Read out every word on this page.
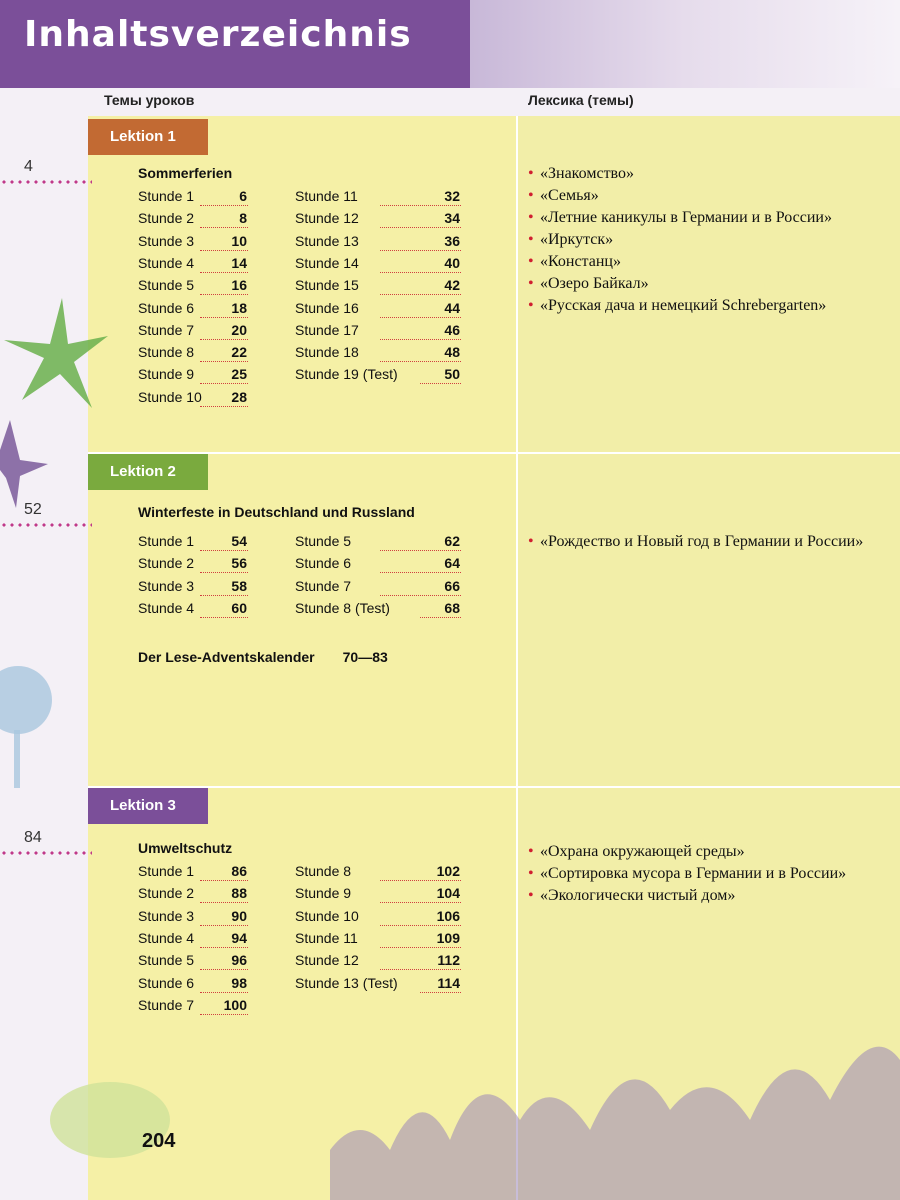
Inhaltsverzeichnis
Темы уроков	Лексика (темы)
Lektion 1
4	Sommerferien
Stunde 1	6
Stunde 2	8
Stunde 3	10
Stunde 4	14
Stunde 5	16
Stunde 6	18
Stunde 7	20
Stunde 8	22
Stunde 9	25
Stunde 10 28
Stunde 11	32
Stunde 12	34
Stunde 13	36
Stunde 14	40
Stunde 15	42
Stunde 16	44
Stunde 17	46
Stunde 18	48
Stunde 19 (Test)	50
• «Знакомство»
• «Семья»
• «Летние каникулы в Германии и в России»
• «Иркутск»
• «Констанц»
• «Озеро Байкал»
• «Русская дача и немецкий Schrebergarten»
Lektion 2
52	Winterfeste in Deutschland und Russland
Stunde 1	54
Stunde 2	56
Stunde 3	58
Stunde 4	60
Stunde 5	62
Stunde 6	64
Stunde 7	66
Stunde 8 (Test)	68
Der Lese-Adventskalender 70—83
• «Рождество и Новый год в Германии и России»
Lektion 3
84
Umweltschutz
Stunde 1	86
Stunde 2	88
Stunde 3	90
Stunde 4	94
Stunde 5	96
Stunde 6	98
Stunde 7 100
Stunde 8	102
Stunde 9	104
Stunde 10	106
Stunde 11	109
Stunde 12	112
Stunde 13 (Test)	114
• «Охрана окружающей среды»
• «Сортировка мусора в Германии и в России»
• «Экологически чистый дом»
204
